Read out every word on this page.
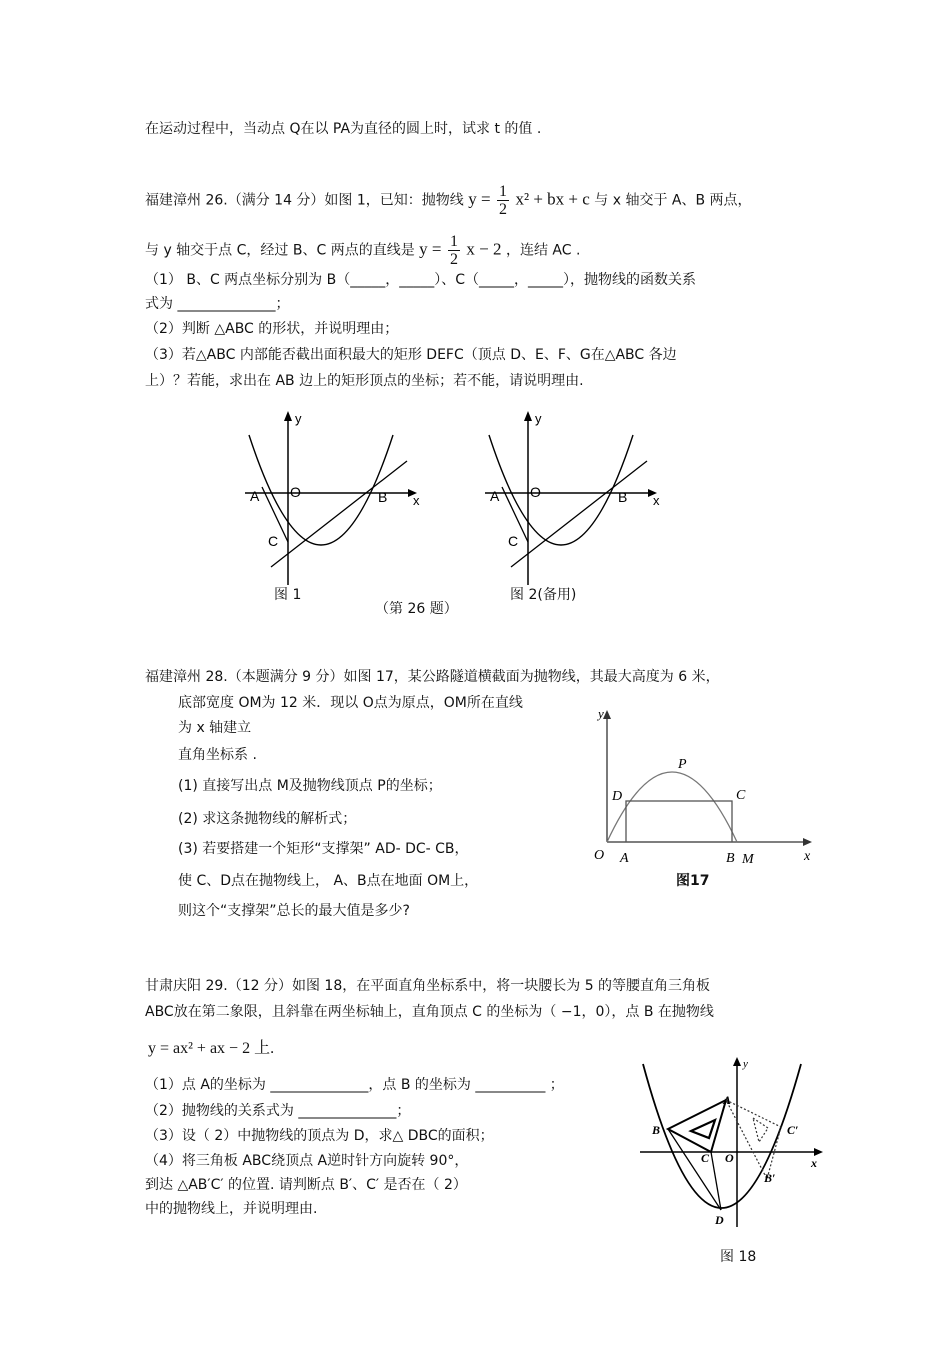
在运动过程中，当动点 Q在以 PA为直径的圆上时，试求 t 的值 .
福建漳州 26.（满分 14 分）如图 1，已知：抛物线 $y = \frac{1}{2} x^2$ + bx + c 与 x 轴交于 A、B 两点，
与 y 轴交于点 C，经过 B、C 两点的直线是 $y = \frac{1}{2}$ x − 2 ，连结 AC .
（1） B、C 两点坐标分别为 B（_____，_____）、C（_____，_____），抛物线的函数关系
式为 ______________；
（2）判断 △ABC 的形状，并说明理由；
（3）若△ABC 内部能否截出面积最大的矩形 DEFC（顶点 D、E、F、G在△ABC 各边
上）？若能，求出在 AB 边上的矩形顶点的坐标；若不能，请说明理由.
y
x
A O	B
C
y
x
A O	B
C
图 1	图 2(备用)
（第 26 题）
福建漳州 28.（本题满分 9 分）如图 17，某公路隧道横截面为抛物线，其最大高度为 6 米，
底部宽度 OM为 12 米．现以 O点为原点，OM所在直线
为 x 轴建立
直角坐标系 .
(1) 直接写出点 M及抛物线顶点 P的坐标；
(2) 求这条抛物线的解析式；
(3) 若要搭建一个矩形“支撑架” AD- DC- CB，
使 C、D点在抛物线上， A、B点在地面 OM上，
则这个“支撑架”总长的最大值是多少?
y
x
P
D	C
O A	B M
图17
甘肃庆阳 29.（12 分）如图 18，在平面直角坐标系中，将一块腰长为 5 的等腰直角三角板
ABC放在第二象限，且斜靠在两坐标轴上，直角顶点 C 的坐标为（ −1，0），点 B 在抛物线
y = ax² + ax − 2 上.
（1）点 A的坐标为 ______________，点 B 的坐标为 __________ ；
（2）抛物线的关系式为 ______________；
（3）设（ 2）中抛物线的顶点为 D，求△ DBC的面积；
（4）将三角板 ABC绕顶点 A逆时针方向旋转 90°，
到达 △AB′C′ 的位置. 请判断点 B′、C′ 是否在（ 2）
中的抛物线上，并说明理由.
y
x
A
B
C O
D
C′
B′
图 18
